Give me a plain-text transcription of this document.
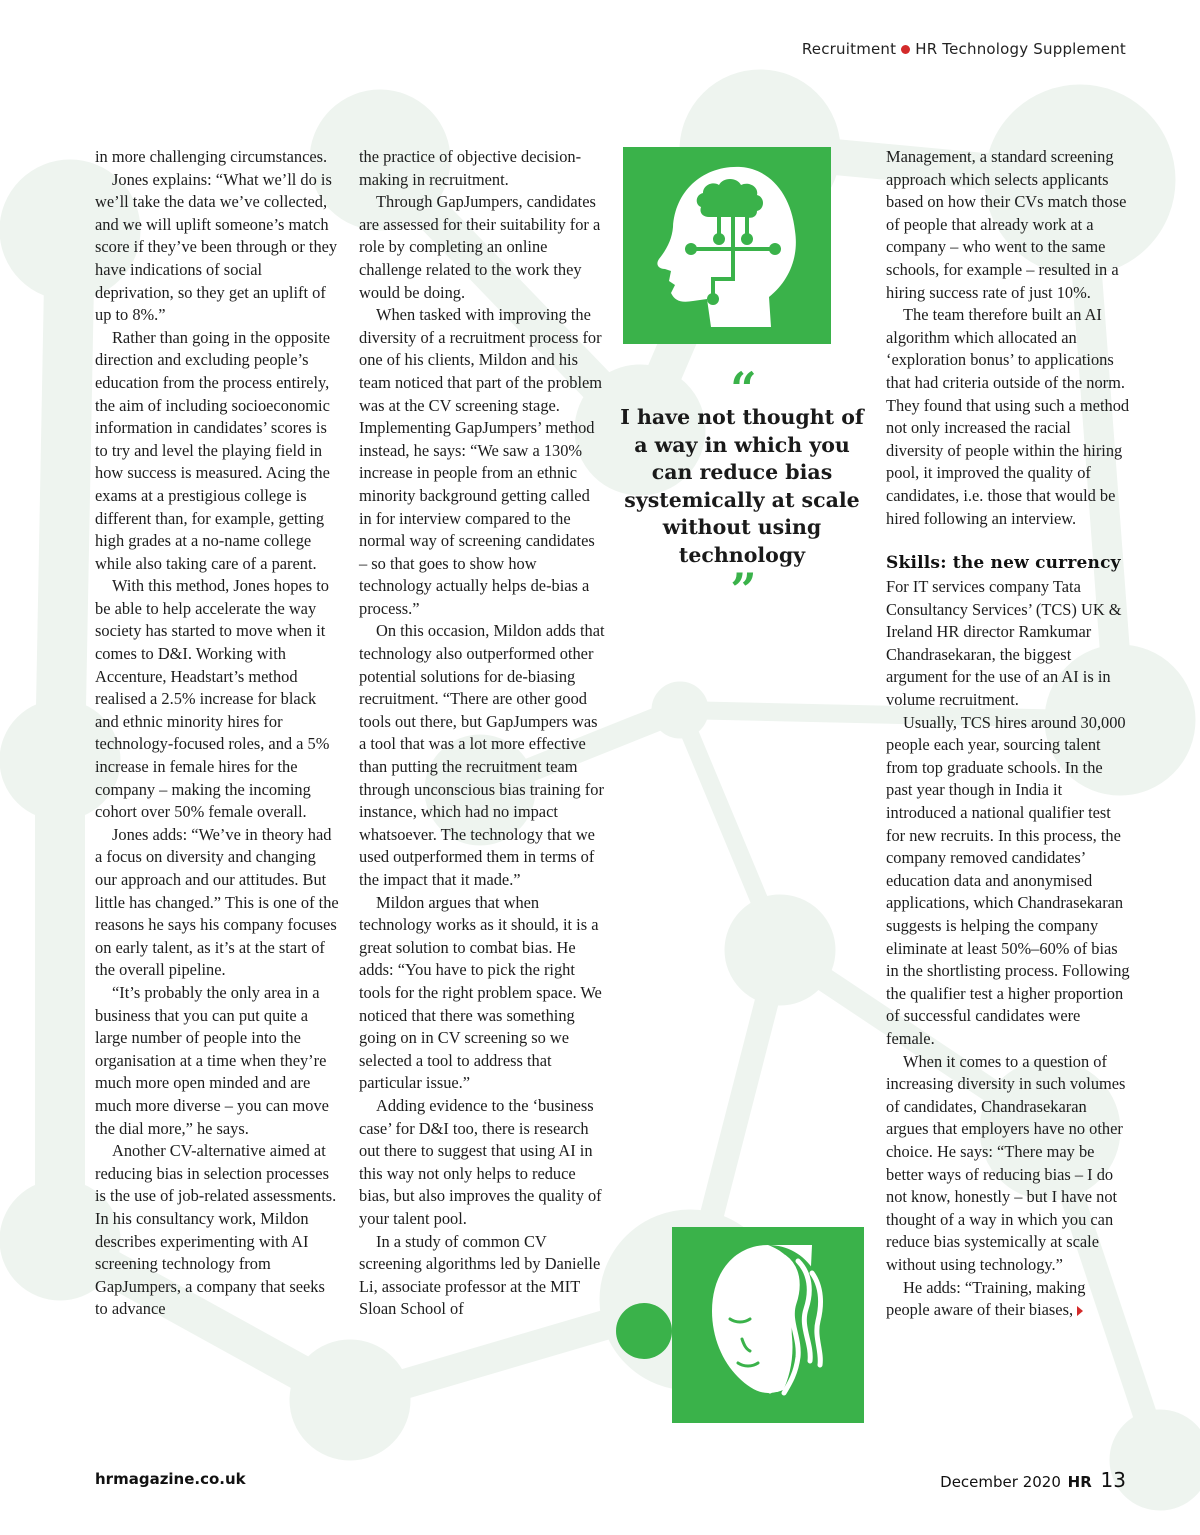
Recruitment HR Technology Supplement

in more challenging circumstances.

Jones explains: “What we’ll do is we’ll take the data we’ve collected, and we will uplift someone’s match score if they’ve been through or they have indications of social deprivation, so they get an uplift of up to 8%.”

Rather than going in the opposite direction and excluding people’s education from the process entirely, the aim of including socioeconomic information in candidates’ scores is to try and level the playing field in how success is measured. Acing the exams at a prestigious college is different than, for example, getting high grades at a no-name college while also taking care of a parent.

With this method, Jones hopes to be able to help accelerate the way society has started to move when it comes to D&I. Working with Accenture, Headstart’s method realised a 2.5% increase for black and ethnic minority hires for technology-focused roles, and a 5% increase in female hires for the company – making the incoming cohort over 50% female overall.

Jones adds: “We’ve in theory had a focus on diversity and changing our approach and our attitudes. But little has changed.” This is one of the reasons he says his company focuses on early talent, as it’s at the start of the overall pipeline.

“It’s probably the only area in a business that you can put quite a large number of people into the organisation at a time when they’re much more open minded and are much more diverse – you can move the dial more,” he says.

Another CV-alternative aimed at reducing bias in selection processes is the use of job-related assessments. In his consultancy work, Mildon describes experimenting with AI screening technology from GapJumpers, a company that seeks to advance

the practice of objective decision-making in recruitment.

Through GapJumpers, candidates are assessed for their suitability for a role by completing an online challenge related to the work they would be doing.

When tasked with improving the diversity of a recruitment process for one of his clients, Mildon and his team noticed that part of the problem was at the CV screening stage. Implementing GapJumpers’ method instead, he says: “We saw a 130% increase in people from an ethnic minority background getting called in for interview compared to the normal way of screening candidates – so that goes to show how technology actually helps de-bias a process.”

On this occasion, Mildon adds that technology also outperformed other potential solutions for de-biasing recruitment. “There are other good tools out there, but GapJumpers was a tool that was a lot more effective than putting the recruitment team through unconscious bias training for instance, which had no impact whatsoever. The technology that we used outperformed them in terms of the impact that it made.”

Mildon argues that when technology works as it should, it is a great solution to combat bias. He adds: “You have to pick the right tools for the right problem space. We noticed that there was something going on in CV screening so we selected a tool to address that particular issue.”

Adding evidence to the ‘business case’ for D&I too, there is research out there to suggest that using AI in this way not only helps to reduce bias, but also improves the quality of your talent pool.

In a study of common CV screening algorithms led by Danielle Li, associate professor at the MIT Sloan School of

“
I have not thought of a way in which you can reduce bias systemically at scale without using technology
”

Management, a standard screening approach which selects applicants based on how their CVs match those of people that already work at a company – who went to the same schools, for example – resulted in a hiring success rate of just 10%.

The team therefore built an AI algorithm which allocated an ‘exploration bonus’ to applications that had criteria outside of the norm. They found that using such a method not only increased the racial diversity of people within the hiring pool, it improved the quality of candidates, i.e. those that would be hired following an interview.

Skills: the new currency

For IT services company Tata Consultancy Services’ (TCS) UK & Ireland HR director Ramkumar Chandrasekaran, the biggest argument for the use of an AI is in volume recruitment.

Usually, TCS hires around 30,000 people each year, sourcing talent from top graduate schools. In the past year though in India it introduced a national qualifier test for new recruits. In this process, the company removed candidates’ education data and anonymised applications, which Chandrasekaran suggests is helping the company eliminate at least 50%–60% of bias in the shortlisting process. Following the qualifier test a higher proportion of successful candidates were female.

When it comes to a question of increasing diversity in such volumes of candidates, Chandrasekaran argues that employers have no other choice. He says: “There may be better ways of reducing bias – I do not know, honestly – but I have not thought of a way in which you can reduce bias systemically at scale without using technology.”

He adds: “Training, making people aware of their biases,

hrmagazine.co.uk	December 2020 HR 13
